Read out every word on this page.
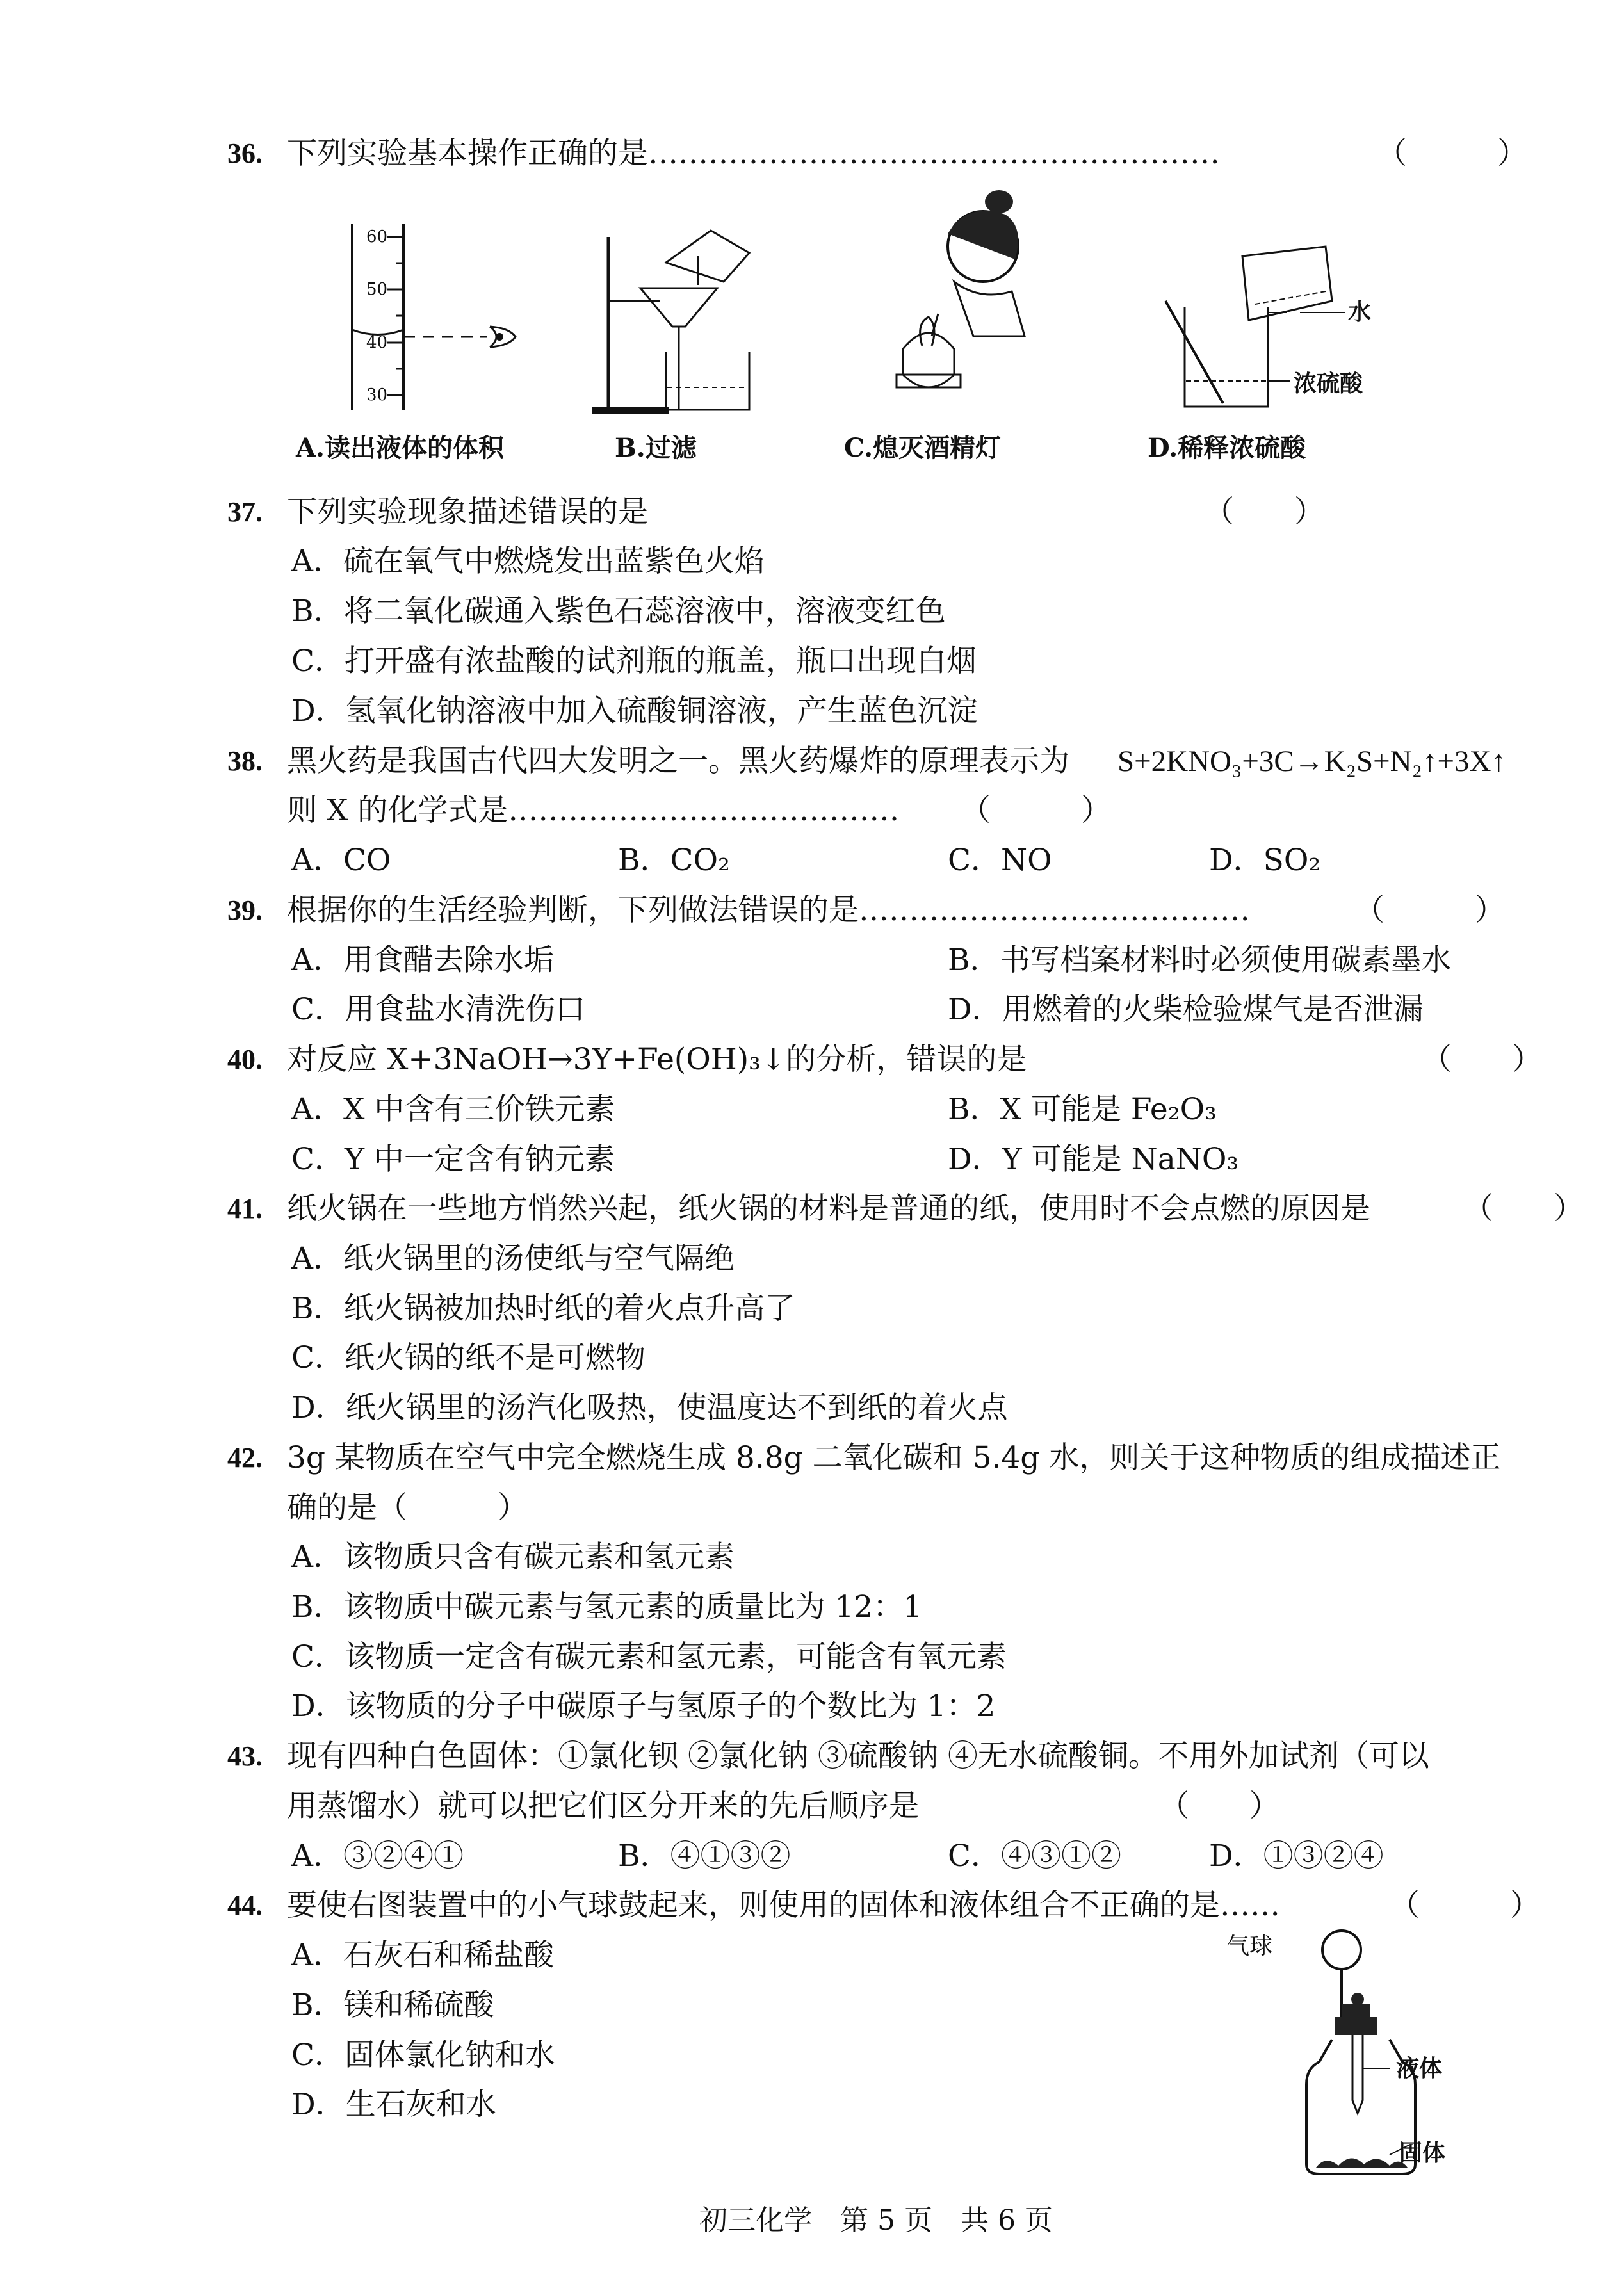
36. 下列实验基本操作正确的是…………………………………………………	（　　　）
60
50
40
30
A.读出液体的体积	B.过滤	C.熄灭酒精灯
水
浓硫酸
D.稀释浓硫酸
37. 下列实验现象描述错误的是	（　　）
A．硫在氧气中燃烧发出蓝紫色火焰
B．将二氧化碳通入紫色石蕊溶液中，溶液变红色
C．打开盛有浓盐酸的试剂瓶的瓶盖，瓶口出现白烟
D．氢氧化钠溶液中加入硫酸铜溶液，产生蓝色沉淀
38. 黑火药是我国古代四大发明之一。黑火药爆炸的原理表示为 S+2KNO₃+3C→K₂S+N₂↑+3X↑
则 X 的化学式是………………………………… （　　　）
A．CO	B．CO₂	C．NO	D．SO₂
39. 根据你的生活经验判断，下列做法错误的是…………………………………	（　　　）
A．用食醋去除水垢	B．书写档案材料时必须使用碳素墨水
C．用食盐水清洗伤口	D．用燃着的火柴检验煤气是否泄漏
40. 对反应 X+3NaOH→3Y+Fe(OH)₃↓的分析，错误的是	（　　）
A．X 中含有三价铁元素	B．X 可能是 Fe₂O₃
C．Y 中一定含有钠元素	D．Y 可能是 NaNO₃
41. 纸火锅在一些地方悄然兴起，纸火锅的材料是普通的纸，使用时不会点燃的原因是	（　　）
A．纸火锅里的汤使纸与空气隔绝
B．纸火锅被加热时纸的着火点升高了
C．纸火锅的纸不是可燃物
D．纸火锅里的汤汽化吸热，使温度达不到纸的着火点
42. 3g 某物质在空气中完全燃烧生成 8.8g 二氧化碳和 5.4g 水，则关于这种物质的组成描述正
确的是（　　　）
A．该物质只含有碳元素和氢元素
B．该物质中碳元素与氢元素的质量比为 12：1
C．该物质一定含有碳元素和氢元素，可能含有氧元素
D．该物质的分子中碳原子与氢原子的个数比为 1：2
43. 现有四种白色固体：①氯化钡 ②氯化钠 ③硫酸钠 ④无水硫酸铜。不用外加试剂（可以
用蒸馏水）就可以把它们区分开来的先后顺序是	（　　）
A．③②④①	B．④①③②	C．④③①②	D．①③②④
44. 要使右图装置中的小气球鼓起来，则使用的固体和液体组合不正确的是……	（　　　）
A．石灰石和稀盐酸
B．镁和稀硫酸
C．固体氯化钠和水
D．生石灰和水
气球
液体
固体
初三化学　第 5 页　共 6 页
